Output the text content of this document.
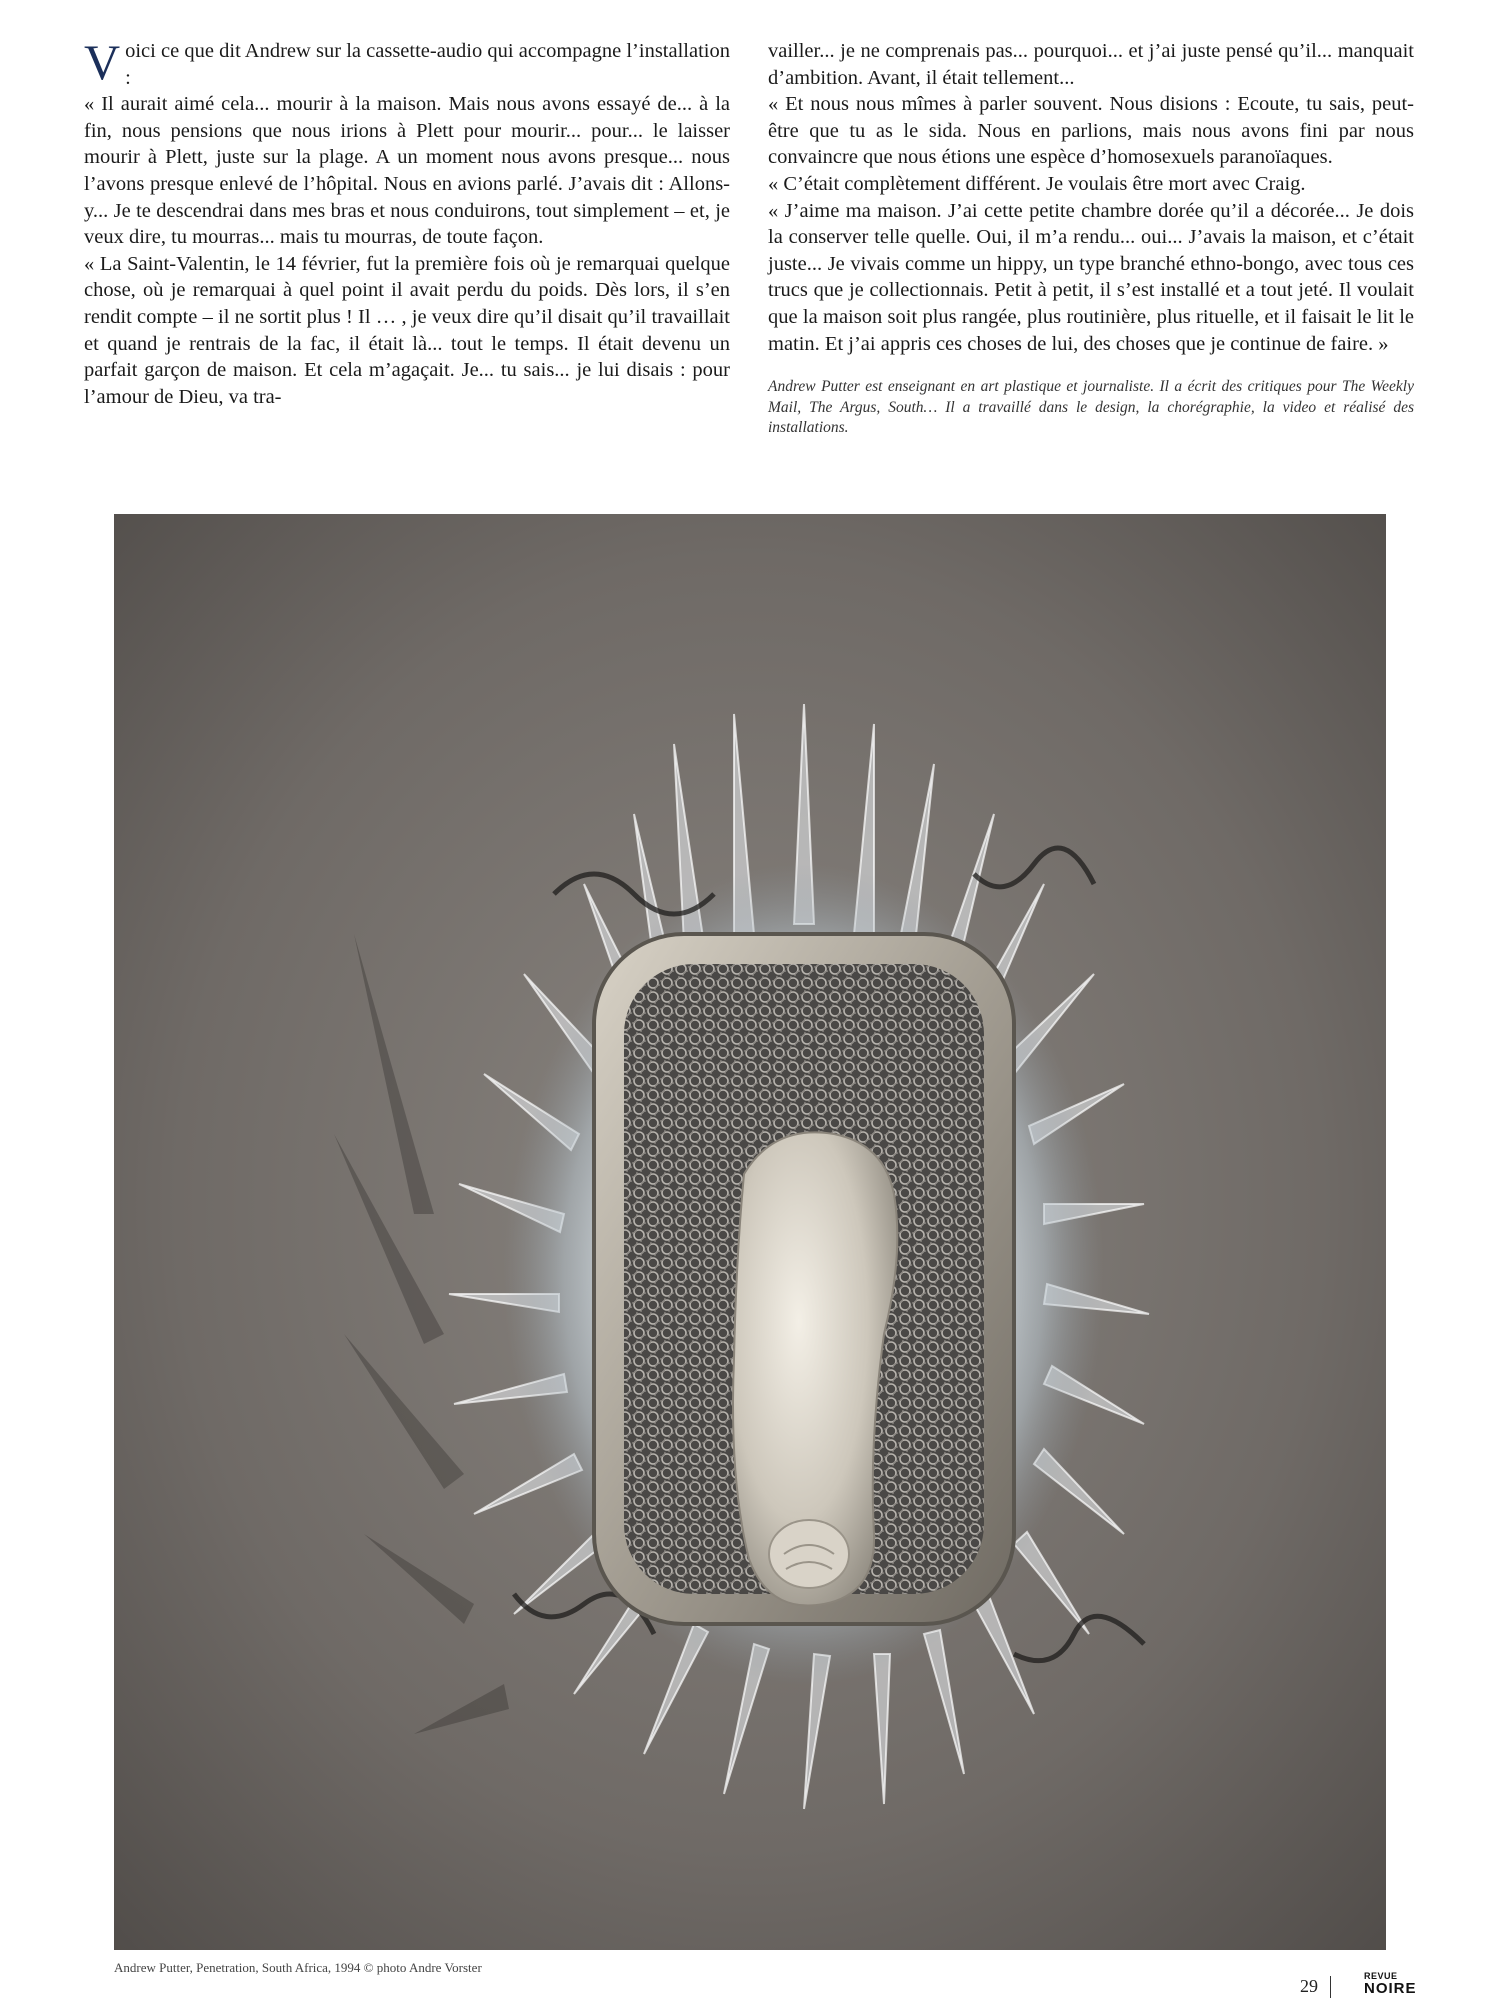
Voici ce que dit Andrew sur la cassette-audio qui accompagne l’installation :

« Il aurait aimé cela... mourir à la maison. Mais nous avons essayé de... à la fin, nous pensions que nous irions à Plett pour mourir... pour... le laisser mourir à Plett, juste sur la plage. A un moment nous avons presque... nous l’avons presque enlevé de l’hôpital. Nous en avions parlé. J’avais dit : Allons-y... Je te descendrai dans mes bras et nous conduirons, tout simplement – et, je veux dire, tu mourras... mais tu mourras, de toute façon.

« La Saint-Valentin, le 14 février, fut la première fois où je remarquai quelque chose, où je remarquai à quel point il avait perdu du poids. Dès lors, il s’en rendit compte – il ne sortit plus ! Il … , je veux dire qu’il disait qu’il travaillait et quand je rentrais de la fac, il était là... tout le temps. Il était devenu un parfait garçon de maison. Et cela m’agaçait. Je... tu sais... je lui disais : pour l’amour de Dieu, va tra-

vailler... je ne comprenais pas... pourquoi... et j’ai juste pensé qu’il... manquait d’ambition. Avant, il était tellement...

« Et nous nous mîmes à parler souvent. Nous disions : Ecoute, tu sais, peut-être que tu as le sida. Nous en parlions, mais nous avons fini par nous convaincre que nous étions une espèce d’homosexuels paranoïaques.

« C’était complètement différent. Je voulais être mort avec Craig.

« J’aime ma maison. J’ai cette petite chambre dorée qu’il a décorée... Je dois la conserver telle quelle. Oui, il m’a rendu... oui... J’avais la maison, et c’était juste... Je vivais comme un hippy, un type branché ethno-bongo, avec tous ces trucs que je collectionnais. Petit à petit, il s’est installé et a tout jeté. Il voulait que la maison soit plus rangée, plus routinière, plus rituelle, et il faisait le lit le matin. Et j’ai appris ces choses de lui, des choses que je continue de faire. »

Andrew Putter est enseignant en art plastique et journaliste. Il a écrit des critiques pour The Weekly Mail, The Argus, South… Il a travaillé dans le design, la chorégraphie, la video et réalisé des installations.

Andrew Putter, Penetration, South Africa, 1994 © photo Andre Vorster
29	REVUE
NOIRE
